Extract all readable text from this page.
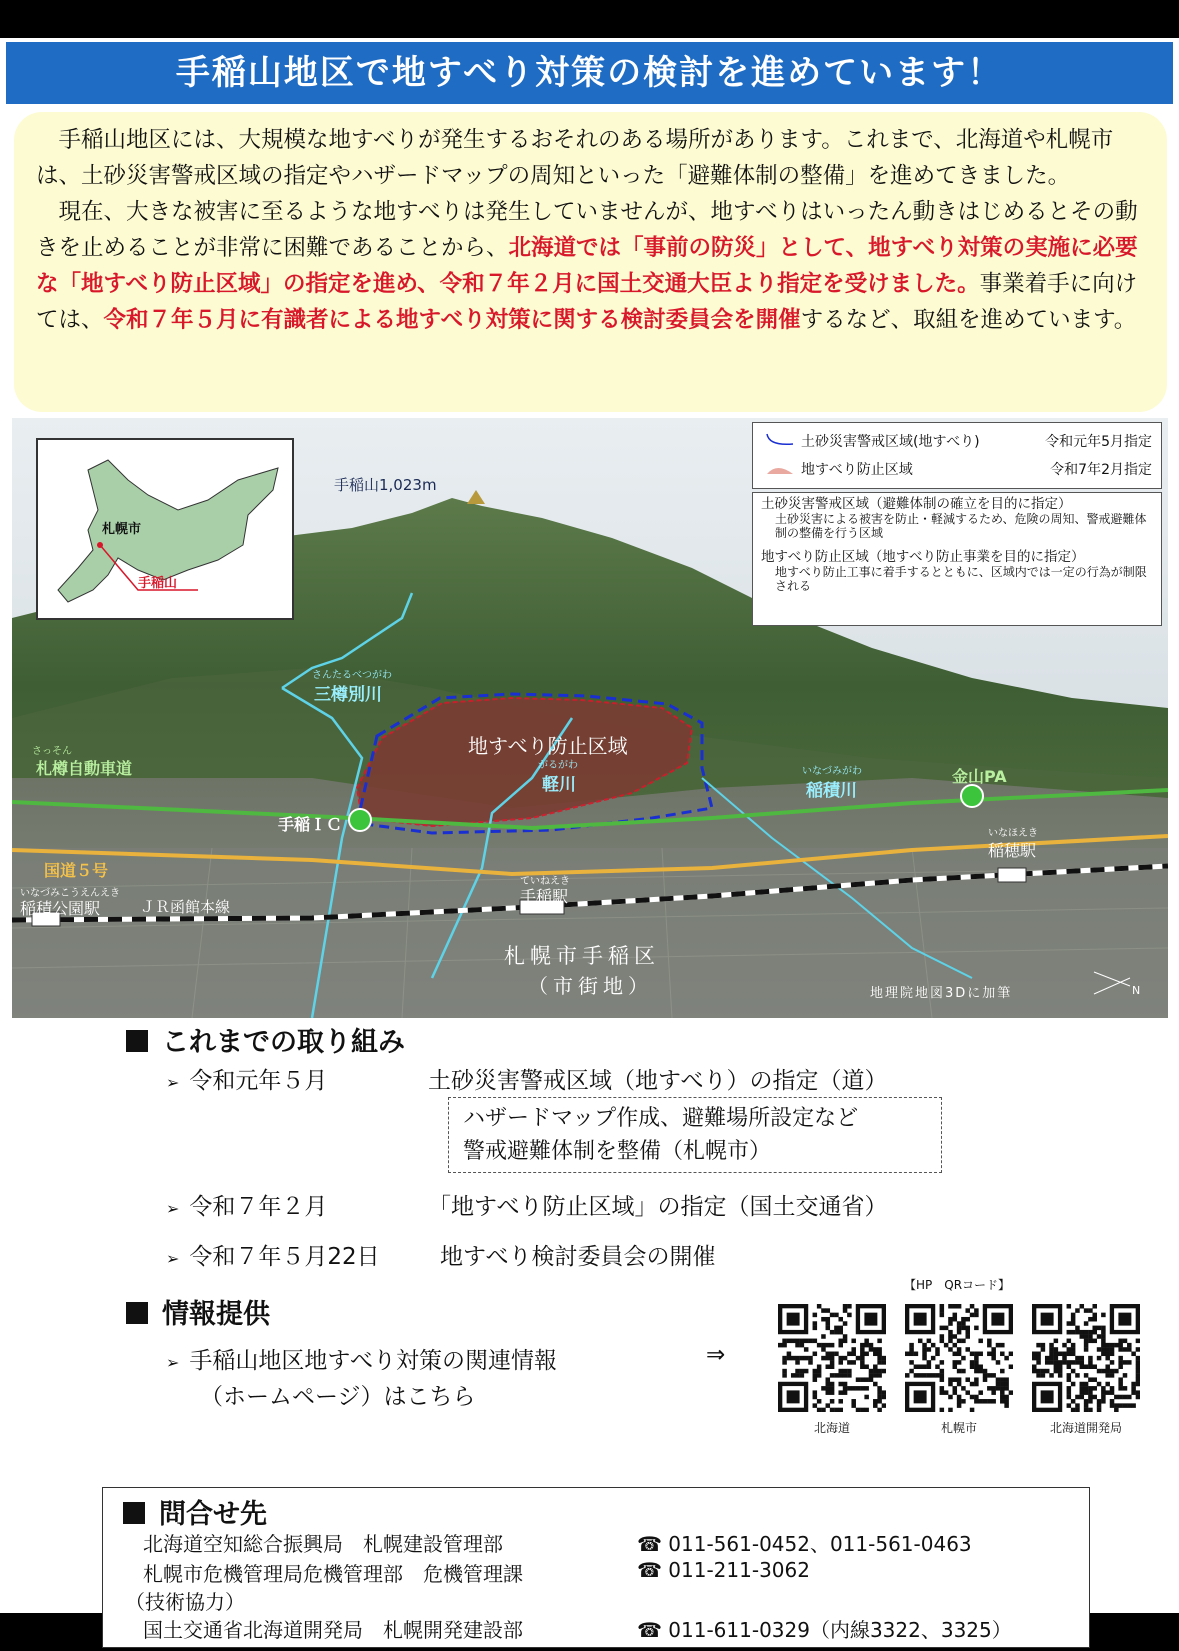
手稲山地区で地すべり対策の検討を進めています！

手稲山地区には、大規模な地すべりが発生するおそれのある場所があります。これまで、北海道や札幌市は、土砂災害警戒区域の指定やハザードマップの周知といった「避難体制の整備」を進めてきました。

現在、大きな被害に至るような地すべりは発生していませんが、地すべりはいったん動きはじめるとその動きを止めることが非常に困難であることから、北海道では「事前の防災」として、地すべり対策の実施に必要な「地すべり防止区域」の指定を進め、令和７年２月に国土交通大臣より指定を受けました。事業着手に向けては、令和７年５月に有識者による地すべり対策に関する検討委員会を開催するなど、取組を進めています。

手稲山1,023m
土砂災害警戒区域(地すべり)	令和元年5月指定
地すべり防止区域	令和7年2月指定
土砂災害警戒区域（避難体制の確立を目的に指定）
土砂災害による被害を防止・軽減するため、危険の周知、警戒避難体制の整備を行う区域
地すべり防止区域（地すべり防止事業を目的に指定）
地すべり防止工事に着手するとともに、区域内では一定の行為が制限される
札幌市
手稲山
地すべり防止区域
さんたるべつがわ
三樽別川
がるがわ
軽川
いなづみがわ
稲積川
さっそん
札樽自動車道	金山PA
手稲ＩＣ
国道５号
いなづみこうえんえき
稲積公園駅	ＪＲ函館本線
ていねえき
手稲駅
いなほえき
稲穂駅
札幌市手稲区
（市街地）	地理院地図3Dに加筆	N
これまでの取り組み
➢ 令和元年５月	土砂災害警戒区域（地すべり）の指定（道）
ハザードマップ作成、避難場所設定など
警戒避難体制を整備（札幌市）
➢ 令和７年２月	「地すべり防止区域」の指定（国土交通省）
➢ 令和７年５月22日	地すべり検討委員会の開催
情報提供
➢ 手稲山地区地すべり対策の関連情報	⇒
（ホームページ）はこちら
【HP　QRコード】
北海道	札幌市	北海道開発局
問合せ先
北海道空知総合振興局　札幌建設管理部	☎ 011-561-0452、011-561-0463
札幌市危機管理局危機管理部　危機管理課	☎ 011-211-3062
（技術協力）
国土交通省北海道開発局　札幌開発建設部	☎ 011-611-0329（内線3322、3325）
